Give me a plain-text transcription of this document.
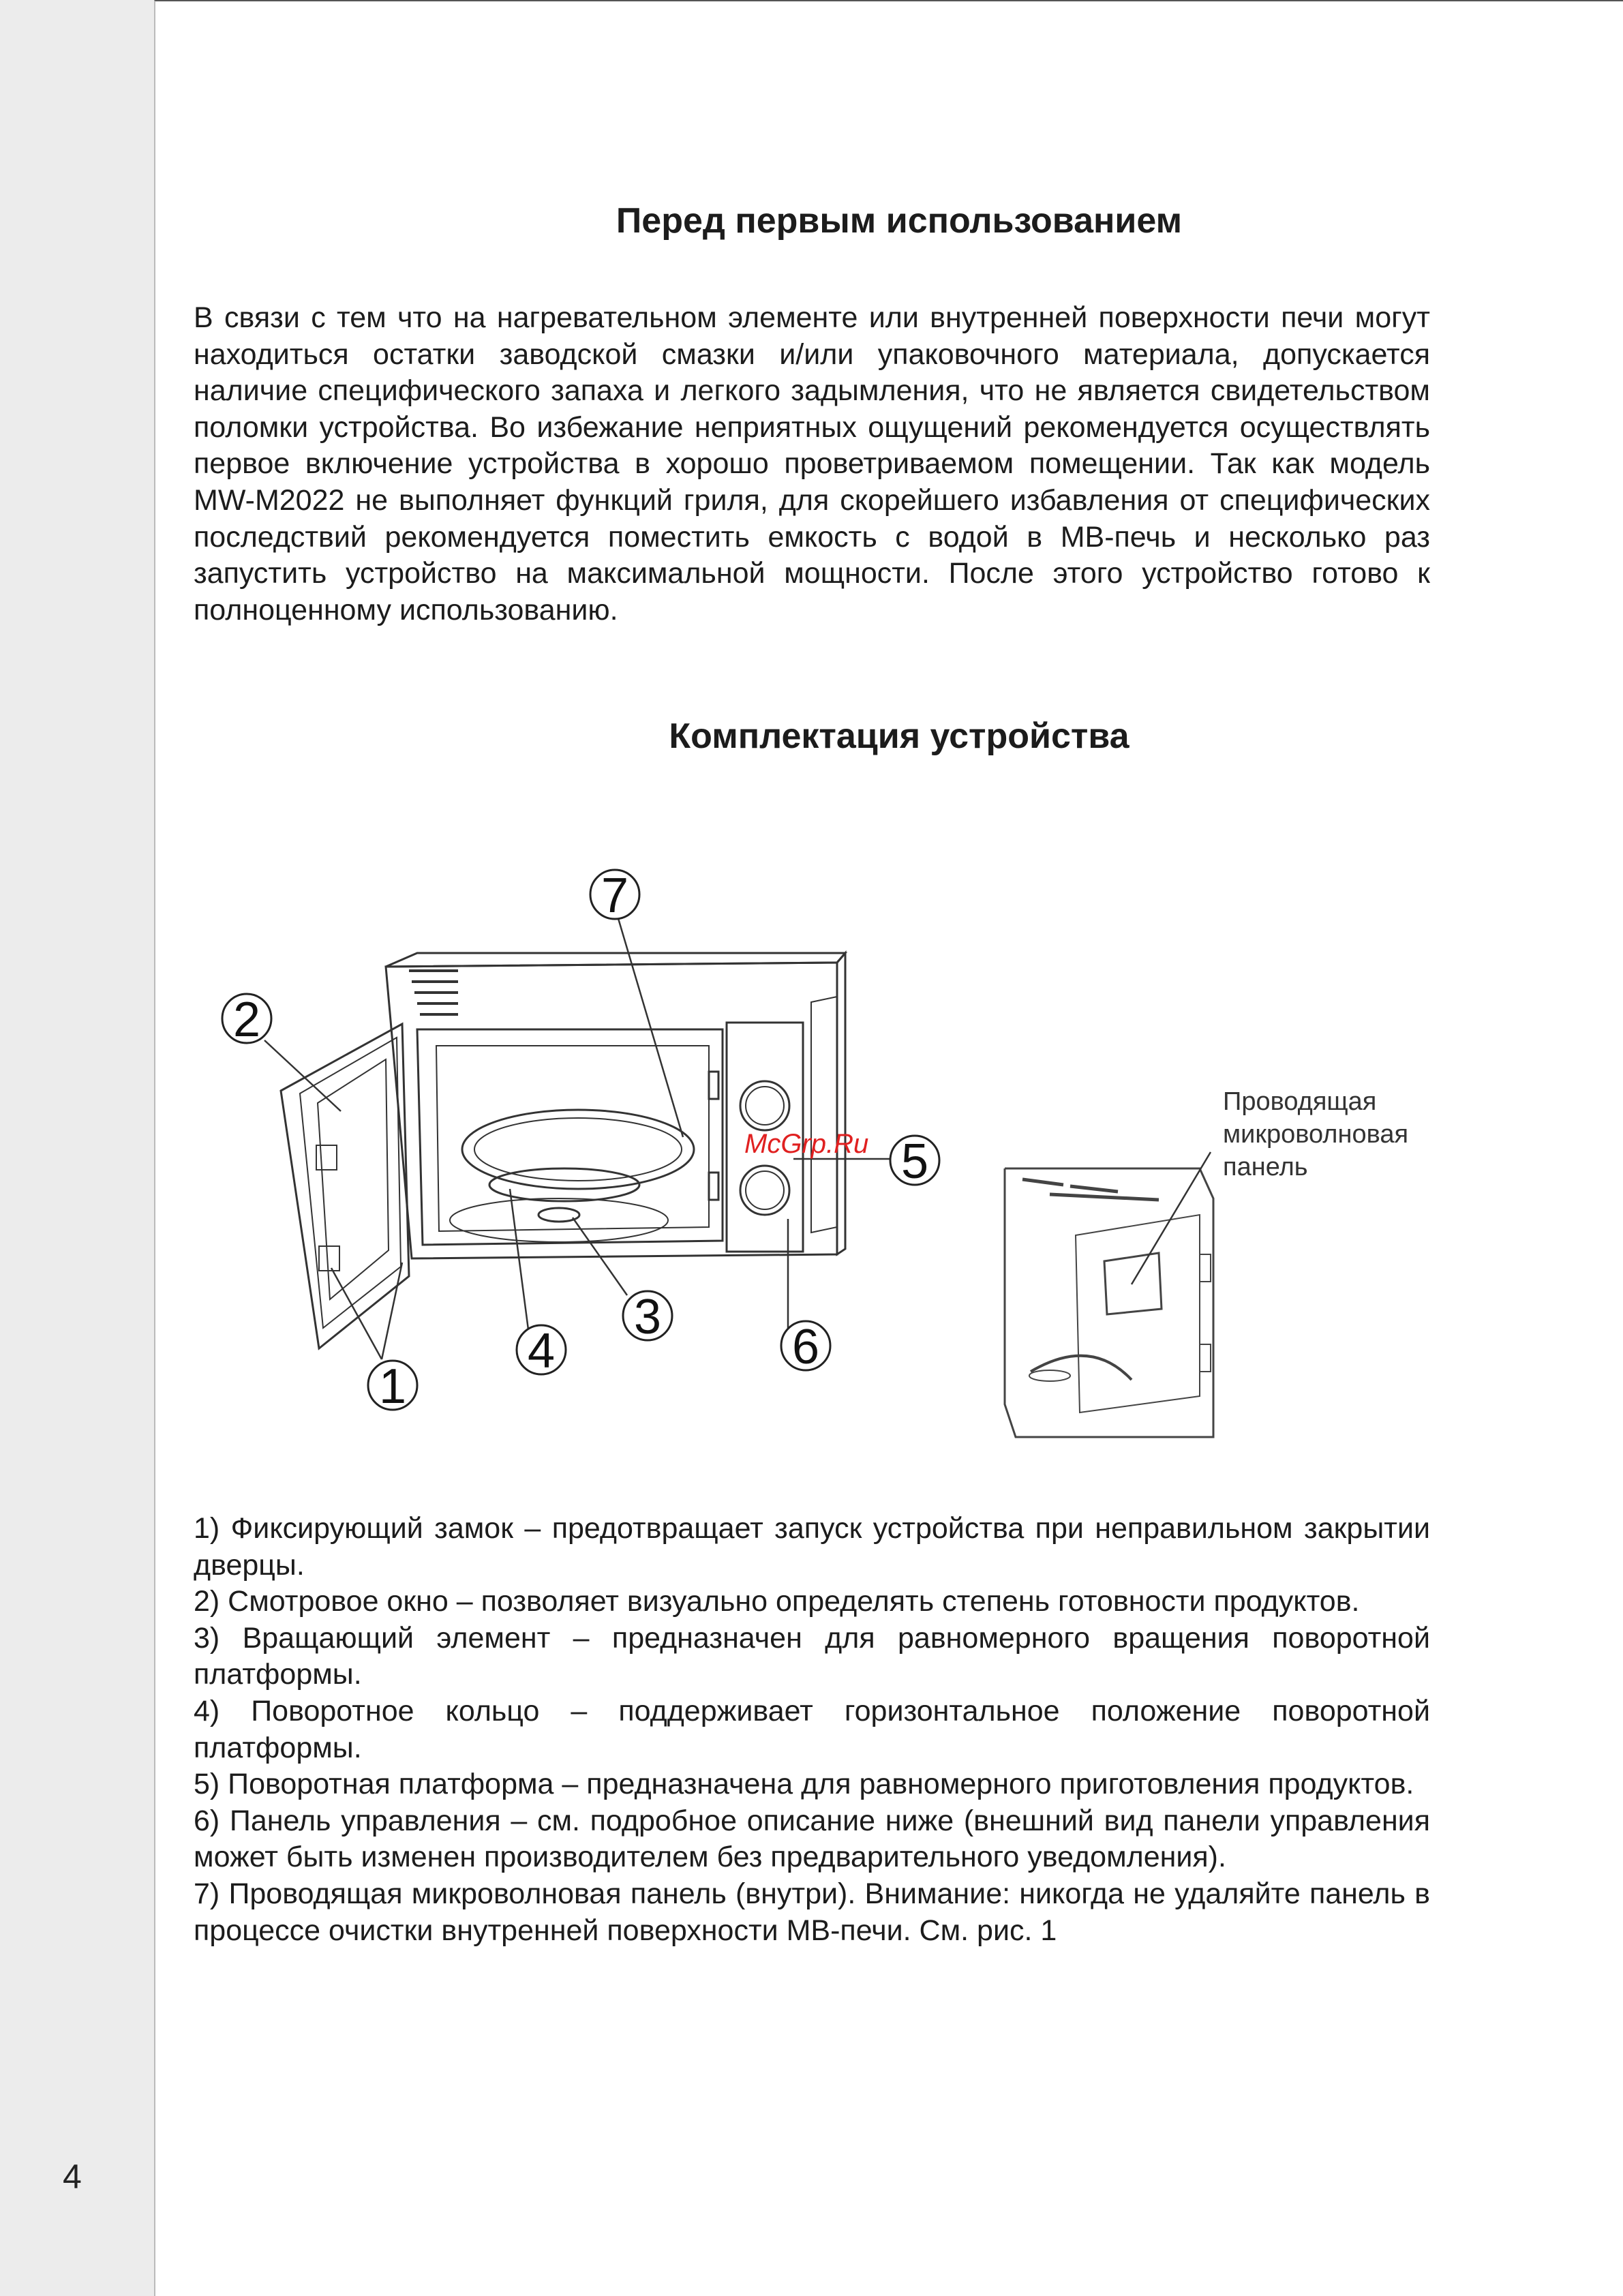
Перед первым использованием
В связи с тем что на нагревательном элементе или внутренней поверхности печи могут находиться остатки заводской смазки и/или упаковочного материала, допускается наличие специфического запаха и легкого задымления, что не является свидетельством поломки устройства. Во избежание неприятных ощущений рекомендуется осуществлять первое включение устройства в хорошо проветриваемом помещении. Так как модель MW-M2022 не выполняет функций гриля, для скорейшего избавления от специфических последствий рекомендуется поместить емкость с водой в МВ-печь и несколько раз запустить устройство на максимальной мощности. После этого устройство готово к полноценному использованию.
Комплектация устройства
7
2
5
3
4	6
1
Проводящая
микроволновая
панель
McGrp.Ru

1) Фиксирующий замок – предотвращает запуск устройства при неправильном закрытии дверцы.

2) Смотровое окно – позволяет визуально определять степень готовности продуктов.

3) Вращающий элемент – предназначен для равномерного вращения поворотной платформы.

4) Поворотное кольцо – поддерживает горизонтальное положение поворотной платформы.

5) Поворотная платформа – предназначена для равномерного приготовления продуктов.

6) Панель управления – см. подробное описание ниже (внешний вид панели управления может быть изменен производителем без предварительного уведомления).

7) Проводящая микроволновая панель (внутри). Внимание: никогда не удаляйте панель в процессе очистки внутренней поверхности МВ-печи. См. рис. 1

4
